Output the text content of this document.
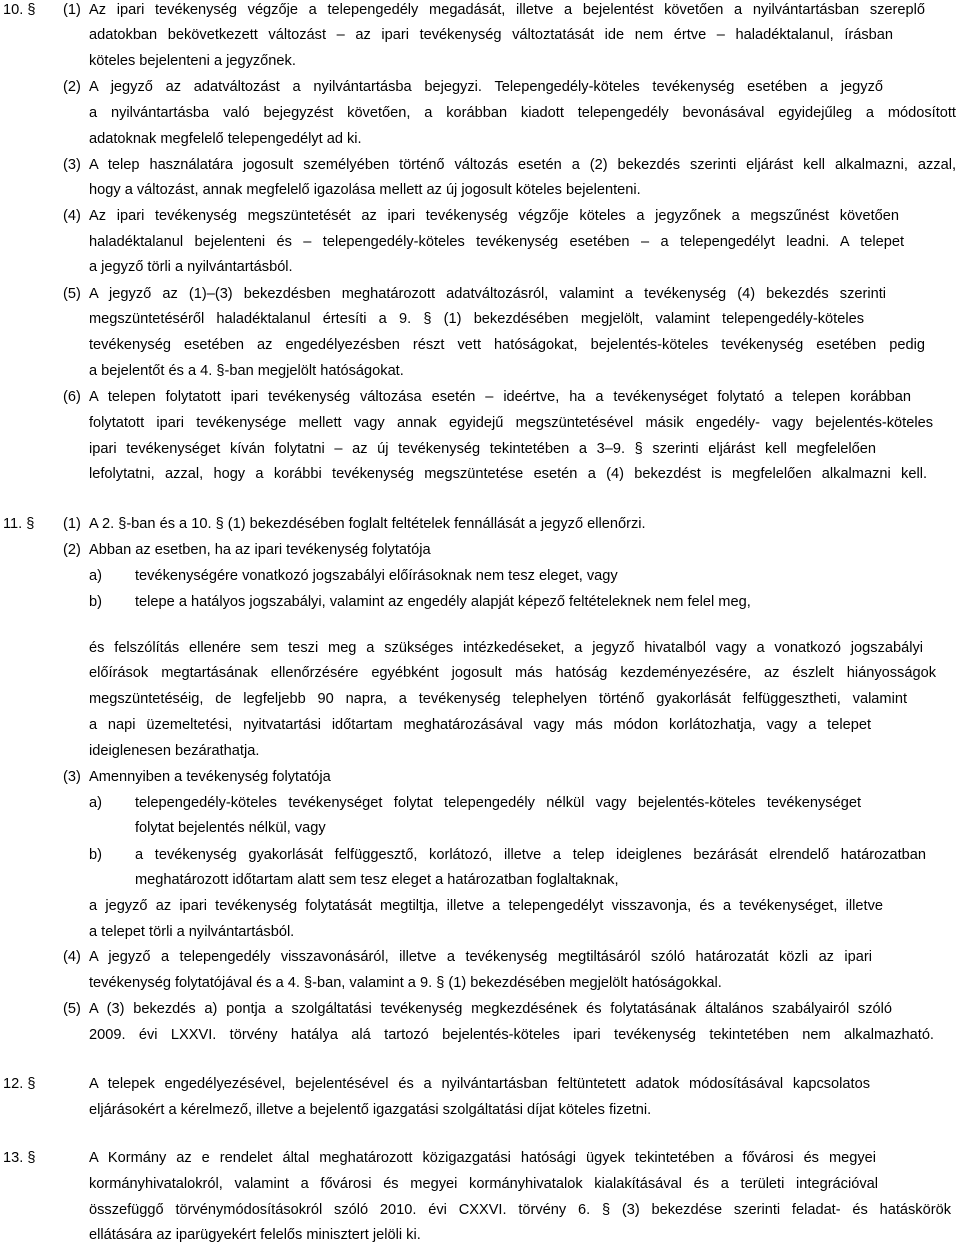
10. § (1) Az ipari tevékenység végzője a telepengedély megadását, illetve a bejelentést követően a nyilvántartásban szereplő
adatokban bekövetkezett változást – az ipari tevékenység változtatását ide nem értve – haladéktalanul, írásban
köteles bejelenteni a jegyzőnek.
(2) A jegyző az adatváltozást a nyilvántartásba bejegyzi. Telepengedély-köteles tevékenység esetében a jegyző
a nyilvántartásba való bejegyzést követően, a korábban kiadott telepengedély bevonásával egyidejűleg a módosított
adatoknak megfelelő telepengedélyt ad ki.
(3) A telep használatára jogosult személyében történő változás esetén a (2) bekezdés szerinti eljárást kell alkalmazni, azzal,
hogy a változást, annak megfelelő igazolása mellett az új jogosult köteles bejelenteni.
(4) Az ipari tevékenység megszüntetését az ipari tevékenység végzője köteles a jegyzőnek a megszűnést követően
haladéktalanul bejelenteni és – telepengedély-köteles tevékenység esetében – a telepengedélyt leadni. A telepet
a jegyző törli a nyilvántartásból.
(5) A jegyző az (1)–(3) bekezdésben meghatározott adatváltozásról, valamint a tevékenység (4) bekezdés szerinti
megszüntetéséről haladéktalanul értesíti a 9. § (1) bekezdésében megjelölt, valamint telepengedély-köteles
tevékenység esetében az engedélyezésben részt vett hatóságokat, bejelentés-köteles tevékenység esetében pedig
a bejelentőt és a 4. §-ban megjelölt hatóságokat.
(6) A telepen folytatott ipari tevékenység változása esetén – ideértve, ha a tevékenységet folytató a telepen korábban
folytatott ipari tevékenysége mellett vagy annak egyidejű megszüntetésével másik engedély- vagy bejelentés-köteles
ipari tevékenységet kíván folytatni – az új tevékenység tekintetében a 3–9. § szerinti eljárást kell megfelelően
lefolytatni, azzal, hogy a korábbi tevékenység megszüntetése esetén a (4) bekezdést is megfelelően alkalmazni kell.
11. § (1) A 2. §-ban és a 10. § (1) bekezdésében foglalt feltételek fennállását a jegyző ellenőrzi.
(2) Abban az esetben, ha az ipari tevékenység folytatója
a) tevékenységére vonatkozó jogszabályi előírásoknak nem tesz eleget, vagy
b) telepe a hatályos jogszabályi, valamint az engedély alapját képező feltételeknek nem felel meg,
és felszólítás ellenére sem teszi meg a szükséges intézkedéseket, a jegyző hivatalból vagy a vonatkozó jogszabályi
előírások megtartásának ellenőrzésére egyébként jogosult más hatóság kezdeményezésére, az észlelt hiányosságok
megszüntetéséig, de legfeljebb 90 napra, a tevékenység telephelyen történő gyakorlását felfüggesztheti, valamint
a napi üzemeltetési, nyitvatartási időtartam meghatározásával vagy más módon korlátozhatja, vagy a telepet
ideiglenesen bezárathatja.
(3) Amennyiben a tevékenység folytatója
a) telepengedély-köteles tevékenységet folytat telepengedély nélkül vagy bejelentés-köteles tevékenységet
folytat bejelentés nélkül, vagy
b) a tevékenység gyakorlását felfüggesztő, korlátozó, illetve a telep ideiglenes bezárását elrendelő határozatban
meghatározott időtartam alatt sem tesz eleget a határozatban foglaltaknak,
a jegyző az ipari tevékenység folytatását megtiltja, illetve a telepengedélyt visszavonja, és a tevékenységet, illetve
a telepet törli a nyilvántartásból.
(4) A jegyző a telepengedély visszavonásáról, illetve a tevékenység megtiltásáról szóló határozatát közli az ipari
tevékenység folytatójával és a 4. §-ban, valamint a 9. § (1) bekezdésében megjelölt hatóságokkal.
(5) A (3) bekezdés a) pontja a szolgáltatási tevékenység megkezdésének és folytatásának általános szabályairól szóló
2009. évi LXXVI. törvény hatálya alá tartozó bejelentés-köteles ipari tevékenység tekintetében nem alkalmazható.
12. §	A telepek engedélyezésével, bejelentésével és a nyilvántartásban feltüntetett adatok módosításával kapcsolatos
eljárásokért a kérelmező, illetve a bejelentő igazgatási szolgáltatási díjat köteles fizetni.
13. §	A Kormány az e rendelet által meghatározott közigazgatási hatósági ügyek tekintetében a fővárosi és megyei
kormányhivatalokról, valamint a fővárosi és megyei kormányhivatalok kialakításával és a területi integrációval
összefüggő törvénymódosításokról szóló 2010. évi CXXVI. törvény 6. § (3) bekezdése szerinti feladat- és hatáskörök
ellátására az iparügyekért felelős minisztert jelöli ki.
